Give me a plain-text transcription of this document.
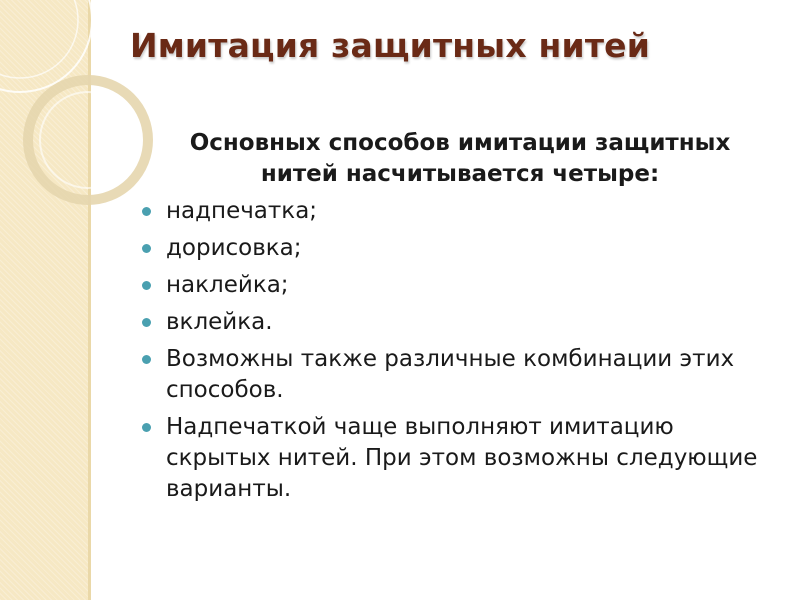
Имитация защитных нитей
Основных способов имитации защитных нитей насчитывается четыре:
надпечатка;
дорисовка;
наклейка;
вклейка.
Возможны также различные комбинации этих способов.
Надпечаткой чаще выполняют имитацию скрытых нитей. При этом возможны следующие варианты.
